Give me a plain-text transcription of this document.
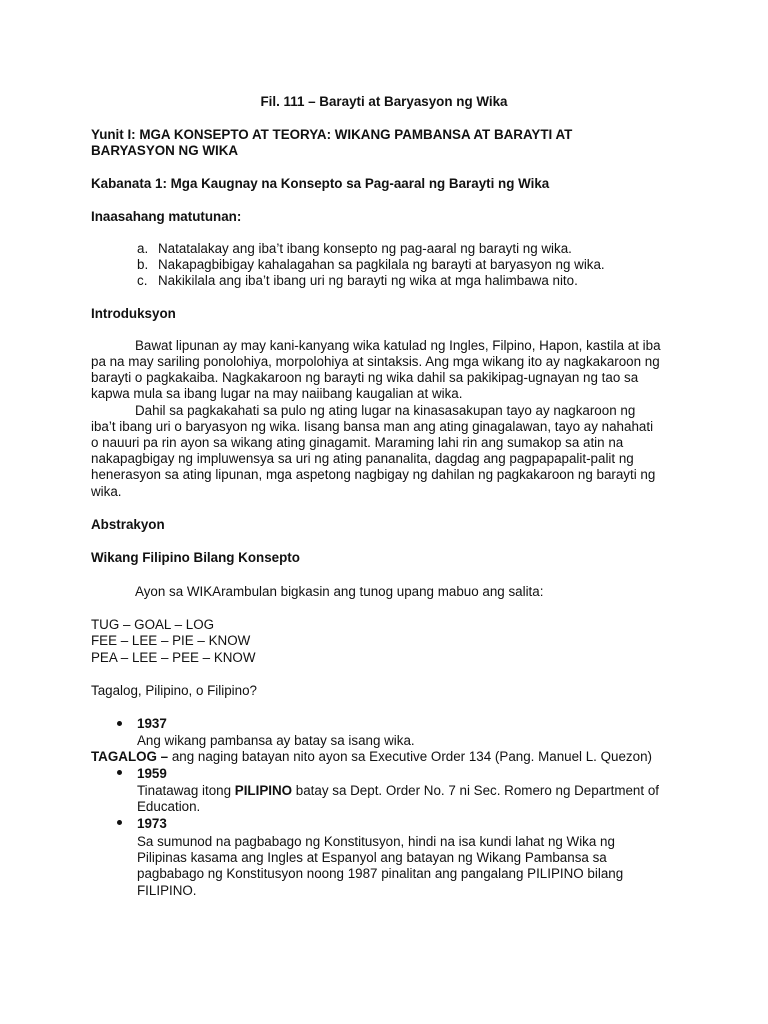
Fil. 111 – Barayti at Baryasyon ng Wika

Yunit I: MGA KONSEPTO AT TEORYA: WIKANG PAMBANSA AT BARAYTI AT

BARYASYON NG WIKA

Kabanata 1: Mga Kaugnay na Konsepto sa Pag-aaral ng Barayti ng Wika

Inaasahang matutunan:

a. Natatalakay ang iba’t ibang konsepto ng pag-aaral ng barayti ng wika.

b. Nakapagbibigay kahalagahan sa pagkilala ng barayti at baryasyon ng wika.

c. Nakikilala ang iba’t ibang uri ng barayti ng wika at mga halimbawa nito.

Introduksyon

Bawat lipunan ay may kani-kanyang wika katulad ng Ingles, Filpino, Hapon, kastila at iba

pa na may sariling ponolohiya, morpolohiya at sintaksis. Ang mga wikang ito ay nagkakaroon ng

barayti o pagkakaiba. Nagkakaroon ng barayti ng wika dahil sa pakikipag-ugnayan ng tao sa

kapwa mula sa ibang lugar na may naiibang kaugalian at wika.

Dahil sa pagkakahati sa pulo ng ating lugar na kinasasakupan tayo ay nagkaroon ng

iba’t ibang uri o baryasyon ng wika. Iisang bansa man ang ating ginagalawan, tayo ay nahahati

o nauuri pa rin ayon sa wikang ating ginagamit. Maraming lahi rin ang sumakop sa atin na

nakapagbigay ng impluwensya sa uri ng ating pananalita, dagdag ang pagpapapalit-palit ng

henerasyon sa ating lipunan, mga aspetong nagbigay ng dahilan ng pagkakaroon ng barayti ng

wika.

Abstrakyon

Wikang Filipino Bilang Konsepto

Ayon sa WIKArambulan bigkasin ang tunog upang mabuo ang salita:

TUG – GOAL – LOG

FEE – LEE – PIE – KNOW

PEA – LEE – PEE – KNOW

Tagalog, Pilipino, o Filipino?

1937

Ang wikang pambansa ay batay sa isang wika.

TAGALOG – ang naging batayan nito ayon sa Executive Order 134 (Pang. Manuel L. Quezon)

1959

Tinatawag itong PILIPINO batay sa Dept. Order No. 7 ni Sec. Romero ng Department of

Education.

1973

Sa sumunod na pagbabago ng Konstitusyon, hindi na isa kundi lahat ng Wika ng

Pilipinas kasama ang Ingles at Espanyol ang batayan ng Wikang Pambansa sa

pagbabago ng Konstitusyon noong 1987 pinalitan ang pangalang PILIPINO bilang

FILIPINO.
